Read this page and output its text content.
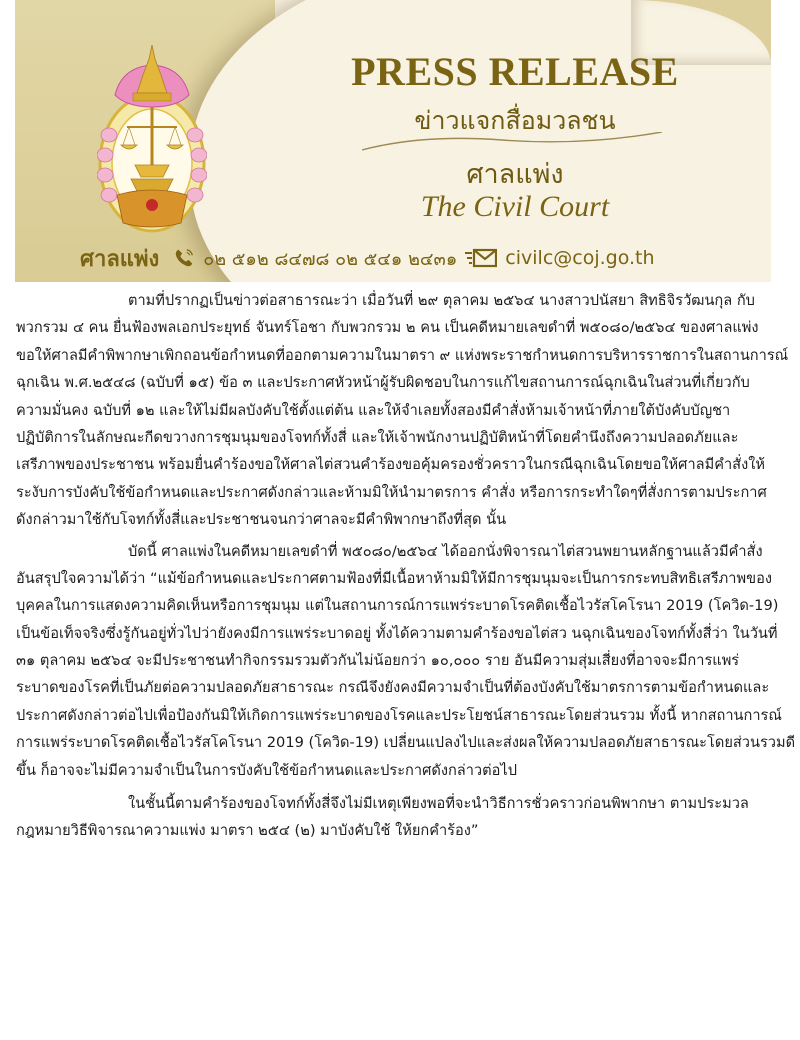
PRESS RELEASE
ข่าวแจกสื่อมวลชน
ศาลแพ่ง
The Civil Court
ศาลแพ่ง ๐๒ ๕๑๒ ๘๔๗๘ ๐๒ ๕๔๑ ๒๔๓๑	civilc@coj.go.th
ตามที่ปรากฏเป็นข่าวต่อสาธารณะว่า เมื่อวันที่ ๒๙ ตุลาคม ๒๕๖๔ นางสาวปนัสยา สิทธิจิรวัฒนกุล กับ
พวกรวม ๔ คน ยื่นฟ้องพลเอกประยุทธ์ จันทร์โอชา กับพวกรวม ๒ คน เป็นคดีหมายเลขดำที่ พ๕๐๘๐/๒๕๖๔ ของศาลแพ่ง
ขอให้ศาลมีคำพิพากษาเพิกถอนข้อกำหนดที่ออกตามความในมาตรา ๙ แห่งพระราชกำหนดการบริหารราชการในสถานการณ์
ฉุกเฉิน พ.ศ.๒๕๔๘ (ฉบับที่ ๑๕) ข้อ ๓ และประกาศหัวหน้าผู้รับผิดชอบในการแก้ไขสถานการณ์ฉุกเฉินในส่วนที่เกี่ยวกับ
ความมั่นคง ฉบับที่ ๑๒ และให้ไม่มีผลบังคับใช้ตั้งแต่ต้น และให้จำเลยทั้งสองมีคำสั่งห้ามเจ้าหน้าที่ภายใต้บังคับบัญชา
ปฏิบัติการในลักษณะกีดขวางการชุมนุมของโจทก์ทั้งสี่ และให้เจ้าพนักงานปฏิบัติหน้าที่โดยคำนึงถึงความปลอดภัยและ
เสรีภาพของประชาชน พร้อมยื่นคำร้องขอให้ศาลไต่สวนคำร้องขอคุ้มครองชั่วคราวในกรณีฉุกเฉินโดยขอให้ศาลมีคำสั่งให้
ระงับการบังคับใช้ข้อกำหนดและประกาศดังกล่าวและห้ามมิให้นำมาตรการ คำสั่ง หรือการกระทำใดๆที่สั่งการตามประกาศ
ดังกล่าวมาใช้กับโจทก์ทั้งสี่และประชาชนจนกว่าศาลจะมีคำพิพากษาถึงที่สุด นั้น
บัดนี้ ศาลแพ่งในคดีหมายเลขดำที่ พ๕๐๘๐/๒๕๖๔ ได้ออกนั่งพิจารณาไต่สวนพยานหลักฐานแล้วมีคำสั่ง
อันสรุปใจความได้ว่า “แม้ข้อกำหนดและประกาศตามฟ้องที่มีเนื้อหาห้ามมิให้มีการชุมนุมจะเป็นการกระทบสิทธิเสรีภาพของ
บุคคลในการแสดงความคิดเห็นหรือการชุมนุม แต่ในสถานการณ์การแพร่ระบาดโรคติดเชื้อไวรัสโคโรนา 2019 (โควิด-19)
เป็นข้อเท็จจริงซึ่งรู้กันอยู่ทั่วไปว่ายังคงมีการแพร่ระบาดอยู่ ทั้งได้ความตามคำร้องขอไต่สว นฉุกเฉินของโจทก์ทั้งสี่ว่า ในวันที่
๓๑ ตุลาคม ๒๕๖๔ จะมีประชาชนทำกิจกรรมรวมตัวกันไม่น้อยกว่า ๑๐,๐๐๐ ราย อันมีความสุ่มเสี่ยงที่อาจจะมีการแพร่
ระบาดของโรคที่เป็นภัยต่อความปลอดภัยสาธารณะ กรณีจึงยังคงมีความจำเป็นที่ต้องบังคับใช้มาตรการตามข้อกำหนดและ
ประกาศดังกล่าวต่อไปเพื่อป้องกันมิให้เกิดการแพร่ระบาดของโรคและประโยชน์สาธารณะโดยส่วนรวม ทั้งนี้ หากสถานการณ์
การแพร่ระบาดโรคติดเชื้อไวรัสโคโรนา 2019 (โควิด-19) เปลี่ยนแปลงไปและส่งผลให้ความปลอดภัยสาธารณะโดยส่วนรวมดี
ขึ้น ก็อาจจะไม่มีความจำเป็นในการบังคับใช้ข้อกำหนดและประกาศดังกล่าวต่อไป
ในชั้นนี้ตามคำร้องของโจทก์ทั้งสี่จึงไม่มีเหตุเพียงพอที่จะนำวิธีการชั่วคราวก่อนพิพากษา ตามประมวล
กฎหมายวิธีพิจารณาความแพ่ง มาตรา ๒๕๔ (๒) มาบังคับใช้ ให้ยกคำร้อง”
